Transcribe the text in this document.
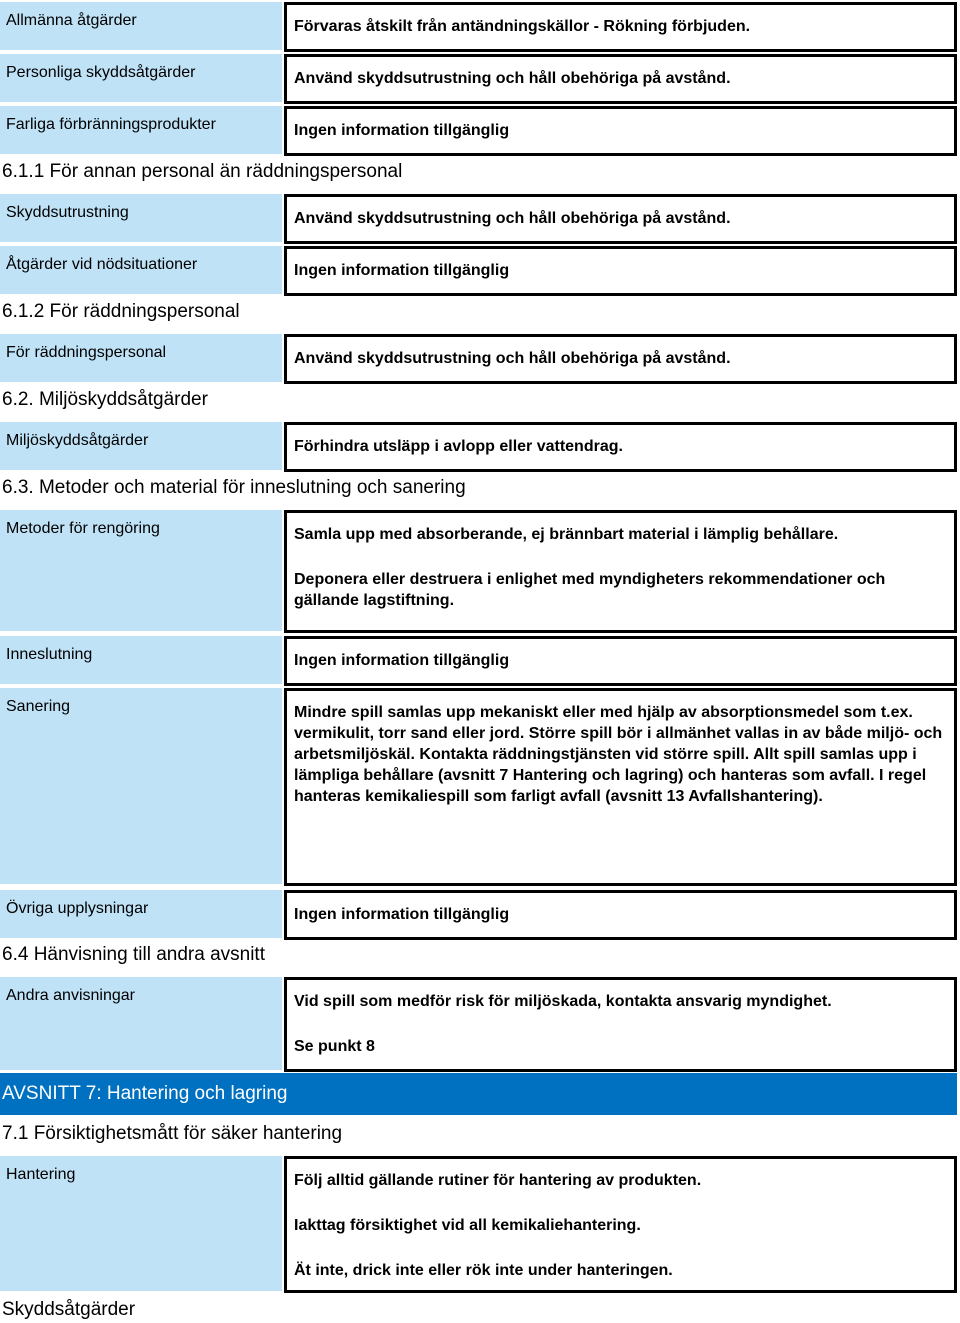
Allmänna åtgärder	Förvaras åtskilt från antändningskällor - Rökning förbjuden.

Personliga skyddsåtgärder	Använd skyddsutrustning och håll obehöriga på avstånd.

Farliga förbränningsprodukter	Ingen information tillgänglig

6.1.1 För annan personal än räddningspersonal
Skyddsutrustning	Använd skyddsutrustning och håll obehöriga på avstånd.

Åtgärder vid nödsituationer	Ingen information tillgänglig

6.1.2 För räddningspersonal
För räddningspersonal	Använd skyddsutrustning och håll obehöriga på avstånd.

6.2. Miljöskyddsåtgärder
Miljöskyddsåtgärder	Förhindra utsläpp i avlopp eller vattendrag.

6.3. Metoder och material för inneslutning och sanering
Metoder för rengöring	Samla upp med absorberande, ej brännbart material i lämplig behållare.

Deponera eller destruera i enlighet med myndigheters rekommendationer och gällande lagstiftning.

Inneslutning	Ingen information tillgänglig

Sanering	Mindre spill samlas upp mekaniskt eller med hjälp av absorptionsmedel som t.ex. vermikulit, torr sand eller jord. Större spill bör i allmänhet vallas in av både miljö- och arbetsmiljöskäl. Kontakta räddningstjänsten vid större spill. Allt spill samlas upp i lämpliga behållare (avsnitt 7 Hantering och lagring) och hanteras som avfall. I regel hanteras kemikaliespill som farligt avfall (avsnitt 13 Avfallshantering).

Övriga upplysningar	Ingen information tillgänglig

6.4 Hänvisning till andra avsnitt
Andra anvisningar	Vid spill som medför risk för miljöskada, kontakta ansvarig myndighet.

Se punkt 8

AVSNITT 7: Hantering och lagring
7.1 Försiktighetsmått för säker hantering
Hantering	Följ alltid gällande rutiner för hantering av produkten.

Iakttag försiktighet vid all kemikaliehantering.

Ät inte, drick inte eller rök inte under hanteringen.

Skyddsåtgärder
